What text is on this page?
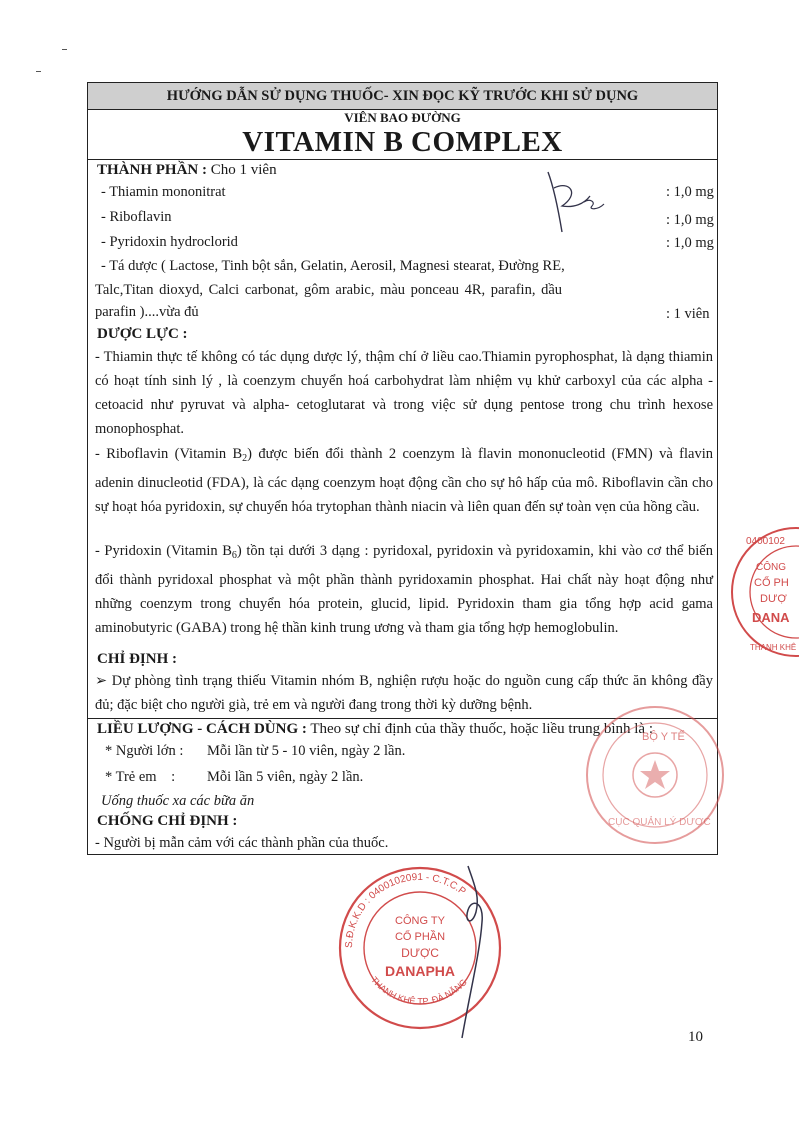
HƯỚNG DẪN SỬ DỤNG THUỐC- XIN ĐỌC KỸ TRƯỚC KHI SỬ DỤNG
VIÊN BAO ĐƯỜNG
VITAMIN B COMPLEX
THÀNH PHẦN : Cho 1 viên
- Thiamin mononitrat	: 1,0 mg
- Riboflavin	: 1,0 mg
- Pyridoxin hydroclorid	: 1,0 mg
- Tá dược ( Lactose, Tinh bột sắn, Gelatin, Aerosil, Magnesi stearat, Đường RE,
Talc,Titan dioxyd, Calci carbonat, gôm arabic, màu ponceau 4R, parafin, dầu
parafin )....vừa đủ	: 1 viên
DƯỢC LỰC :
- Thiamin thực tế không có tác dụng dược lý, thậm chí ở liều cao.Thiamin pyrophosphat, là dạng thiamin có hoạt tính sinh lý , là coenzym chuyển hoá carbohydrat làm nhiệm vụ khử carboxyl của các alpha - cetoacid như pyruvat và alpha- cetoglutarat và trong việc sử dụng pentose trong chu trình hexose monophosphat.
- Riboflavin (Vitamin $B_2$) được biến đổi thành 2 coenzym là flavin mononucleotid (FMN) và flavin adenin dinucleotid (FDA), là các dạng coenzym hoạt động cần cho sự hô hấp của mô. Riboflavin cần cho sự hoạt hóa pyridoxin, sự chuyển hóa trytophan thành niacin và liên quan đến sự toàn vẹn của hồng cầu.
- Pyridoxin (Vitamin $B_6$) tồn tại dưới 3 dạng : pyridoxal, pyridoxin và pyridoxamin, khi vào cơ thể biến đổi thành pyridoxal phosphat và một phần thành pyridoxamin phosphat. Hai chất này hoạt động như những coenzym trong chuyển hóa protein, glucid, lipid. Pyridoxin tham gia tổng hợp acid gama aminobutyric (GABA) trong hệ thần kinh trung ương và tham gia tổng hợp hemoglobulin.
CHỈ ĐỊNH :
➢ Dự phòng tình trạng thiếu Vitamin nhóm B, nghiện rượu hoặc do nguồn cung cấp thức ăn không đầy đủ; đặc biệt cho người già, trẻ em và người đang trong thời kỳ dưỡng bệnh.
LIỀU LƯỢNG - CÁCH DÙNG : Theo sự chỉ định của thầy thuốc, hoặc liều trung bình là :
* Người lớn : Mỗi lần từ 5 - 10 viên, ngày 2 lần.
* Trẻ em    : Mỗi lần 5 viên, ngày 2 lần.
Uống thuốc xa các bữa ăn
CHỐNG CHỈ ĐỊNH :
- Người bị mẫn cảm với các thành phần của thuốc.
BỘ Y TẾ
CỤC QUẢN LÝ DƯỢC
0400102
CÔNG
CỔ PH
DƯỢ
DANA
THANH KHÊ
S.Đ.K.K.D : 0400102091 - C.T.C.P
THANH KHÊ TP. ĐÀ NẴNG
CÔNG TY
CỔ PHẦN
DƯỢC
DANAPHA
10
